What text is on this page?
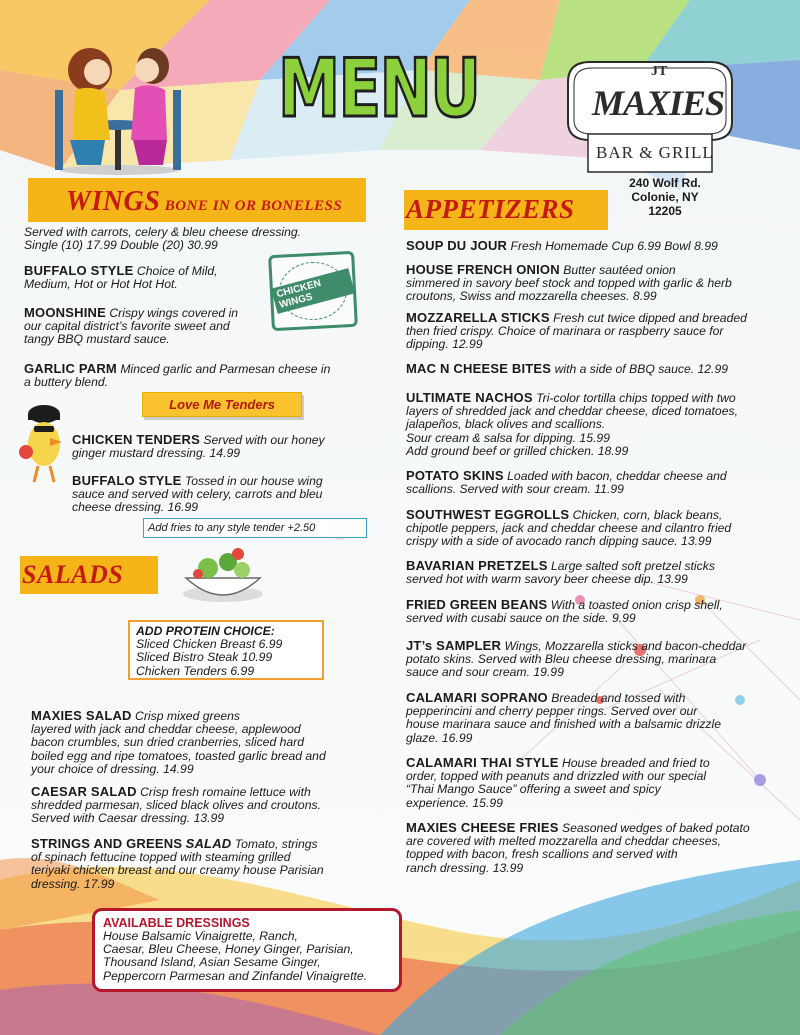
MENU	JT
MAXIES
BAR & GRILL
240 Wolf Rd.
Colonie, NY
12205
WINGS BONE IN OR BONELESS
Served with carrots, celery & bleu cheese dressing.
Single (10) 17.99 Double (20) 30.99
BUFFALO STYLE Choice of Mild,
Medium, Hot or Hot Hot Hot.	CHICKEN WINGS
MOONSHINE Crispy wings covered in
our capital district’s favorite sweet and
tangy BBQ mustard sauce.
GARLIC PARM Minced garlic and Parmesan cheese in
a buttery blend.
Love Me Tenders
CHICKEN TENDERS Served with our honey
ginger mustard dressing. 14.99
BUFFALO STYLE Tossed in our house wing
sauce and served with celery, carrots and bleu
cheese dressing. 16.99
Add fries to any style tender +2.50
SALADS
ADD PROTEIN CHOICE:
Sliced Chicken Breast 6.99
Sliced Bistro Steak 10.99
Chicken Tenders 6.99
MAXIES SALAD Crisp mixed greens
layered with jack and cheddar cheese, applewood
bacon crumbles, sun dried cranberries, sliced hard
boiled egg and ripe tomatoes, toasted garlic bread and
your choice of dressing. 14.99
CAESAR SALAD Crisp fresh romaine lettuce with
shredded parmesan, sliced black olives and croutons.
Served with Caesar dressing. 13.99
STRINGS AND GREENS SALAD Tomato, strings
of spinach fettucine topped with steaming grilled
teriyaki chicken breast and our creamy house Parisian
dressing. 17.99
AVAILABLE DRESSINGS
House Balsamic Vinaigrette, Ranch,
Caesar, Bleu Cheese, Honey Ginger, Parisian,
Thousand Island, Asian Sesame Ginger,
Peppercorn Parmesan and Zinfandel Vinaigrette.
APPETIZERS
SOUP DU JOUR Fresh Homemade Cup 6.99 Bowl 8.99
HOUSE FRENCH ONION Butter sautéed onion
simmered in savory beef stock and topped with garlic & herb
croutons, Swiss and mozzarella cheeses. 8.99
MOZZARELLA STICKS Fresh cut twice dipped and breaded
then fried crispy. Choice of marinara or raspberry sauce for
dipping. 12.99
MAC N CHEESE BITES with a side of BBQ sauce. 12.99
ULTIMATE NACHOS Tri-color tortilla chips topped with two
layers of shredded jack and cheddar cheese, diced tomatoes,
jalapeños, black olives and scallions.
Sour cream & salsa for dipping. 15.99
Add ground beef or grilled chicken. 18.99
POTATO SKINS Loaded with bacon, cheddar cheese and
scallions. Served with sour cream. 11.99
SOUTHWEST EGGROLLS Chicken, corn, black beans,
chipotle peppers, jack and cheddar cheese and cilantro fried
crispy with a side of avocado ranch dipping sauce. 13.99
BAVARIAN PRETZELS Large salted soft pretzel sticks
served hot with warm savory beer cheese dip. 13.99
FRIED GREEN BEANS With a toasted onion crisp shell,
served with cusabi sauce on the side. 9.99
JT’s SAMPLER Wings, Mozzarella sticks and bacon-cheddar
potato skins. Served with Bleu cheese dressing, marinara
sauce and sour cream. 19.99
CALAMARI SOPRANO Breaded and tossed with
pepperincini and cherry pepper rings. Served over our
house marinara sauce and finished with a balsamic drizzle
glaze. 16.99
CALAMARI THAI STYLE House breaded and fried to
order, topped with peanuts and drizzled with our special
“Thai Mango Sauce” offering a sweet and spicy
experience. 15.99
MAXIES CHEESE FRIES Seasoned wedges of baked potato
are covered with melted mozzarella and cheddar cheeses,
topped with bacon, fresh scallions and served with
ranch dressing. 13.99
